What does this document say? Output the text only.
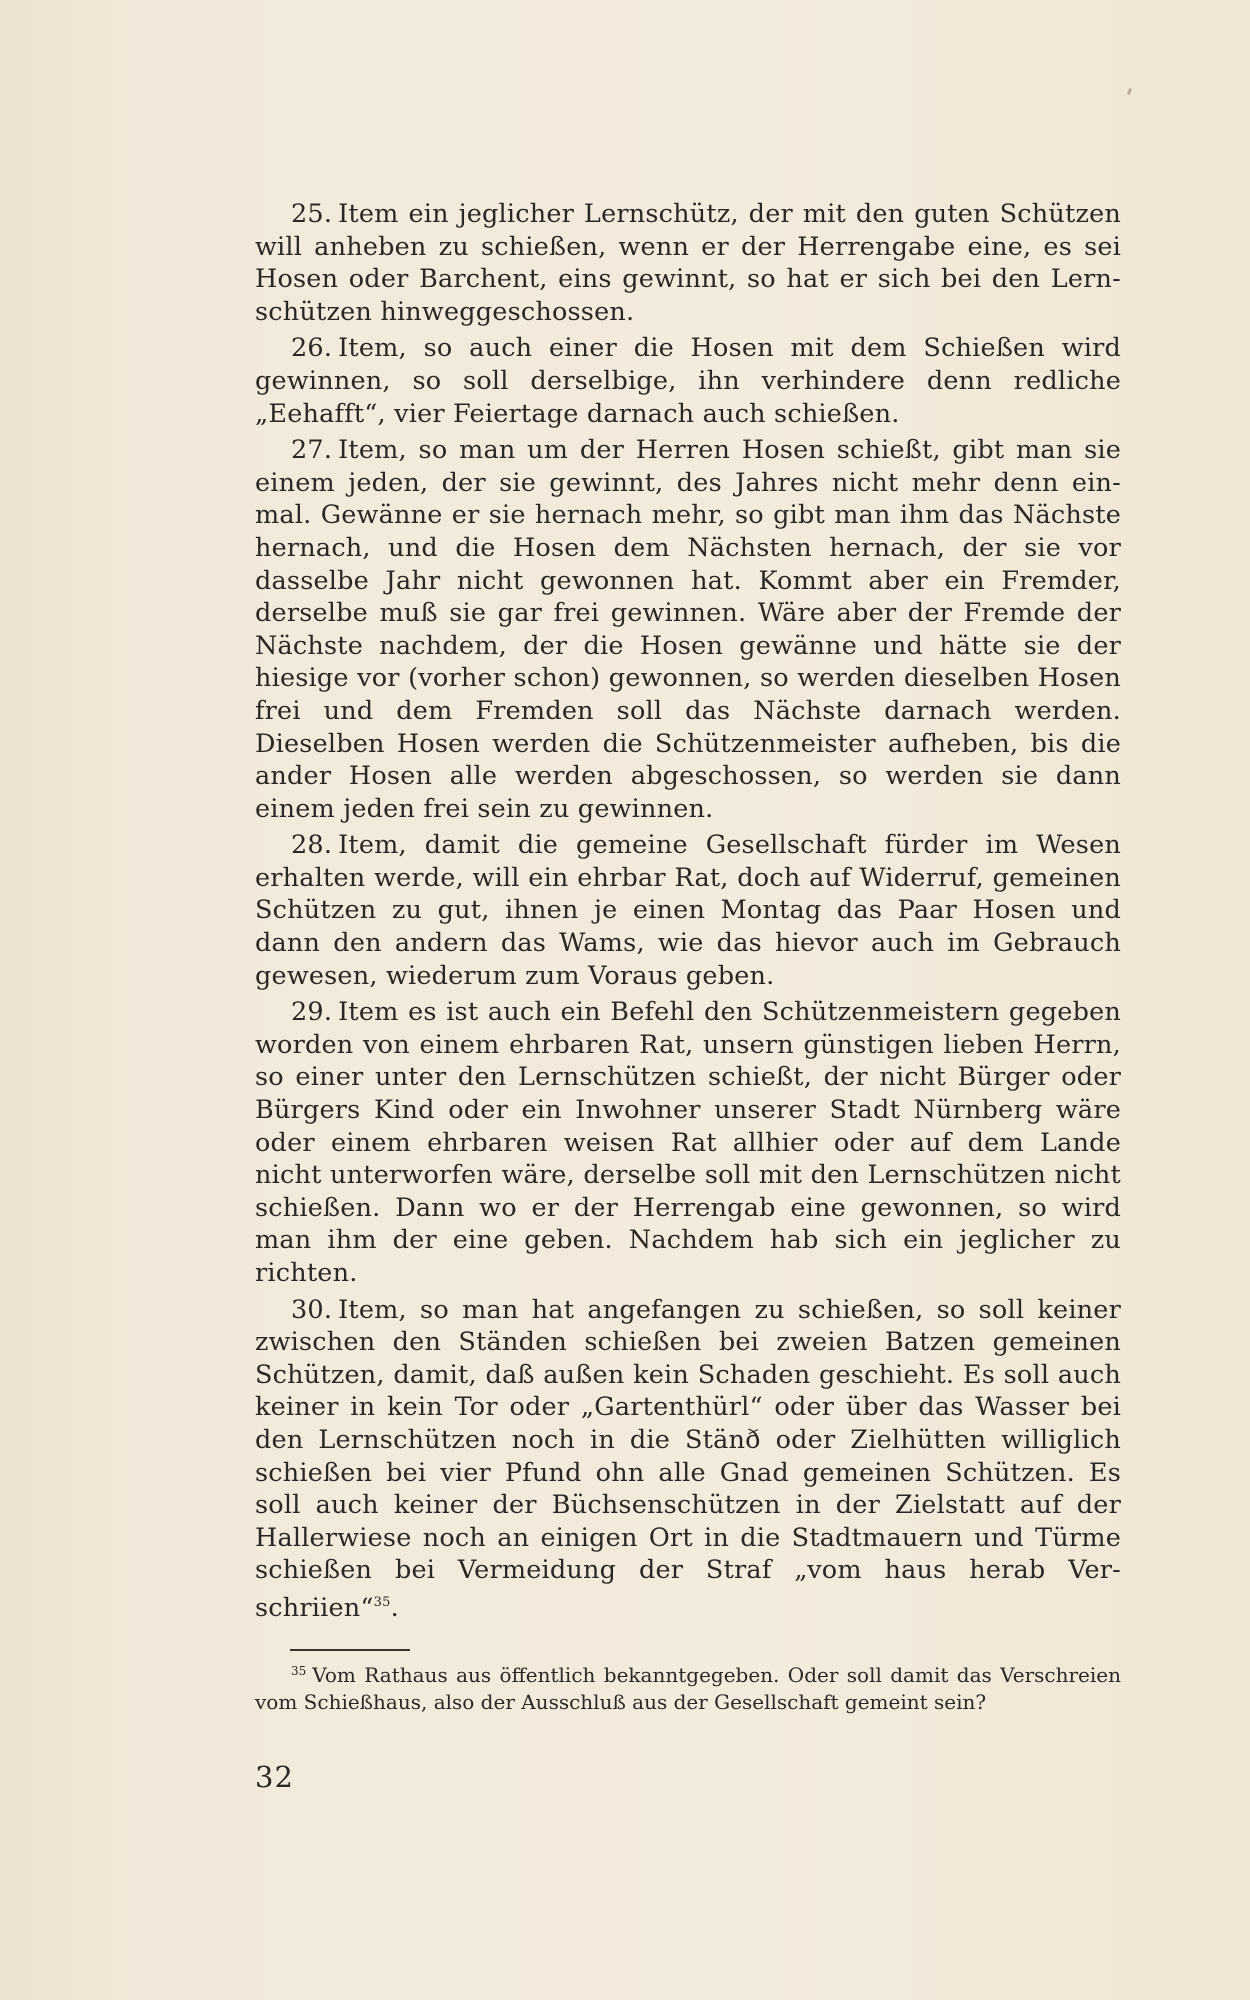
25. Item ein jeglicher Lernschütz, der mit den guten Schützen will anheben zu schießen, wenn er der Herrengabe eine, es sei Hosen oder Barchent, eins gewinnt, so hat er sich bei den Lern-schützen hinweggeschossen.

26. Item, so auch einer die Hosen mit dem Schießen wird gewinnen, so soll derselbige, ihn verhindere denn redliche „Eehafft“, vier Feiertage darnach auch schießen.

27. Item, so man um der Herren Hosen schießt, gibt man sie einem jeden, der sie gewinnt, des Jahres nicht mehr denn ein-mal. Gewänne er sie hernach mehr, so gibt man ihm das Nächste hernach, und die Hosen dem Nächsten hernach, der sie vor dasselbe Jahr nicht gewonnen hat. Kommt aber ein Fremder, derselbe muß sie gar frei gewinnen. Wäre aber der Fremde der Nächste nachdem, der die Hosen gewänne und hätte sie der hiesige vor (vorher schon) gewonnen, so werden dieselben Hosen frei und dem Fremden soll das Nächste darnach werden. Dieselben Hosen werden die Schützenmeister aufheben, bis die ander Hosen alle werden abgeschossen, so werden sie dann einem jeden frei sein zu gewinnen.

28. Item, damit die gemeine Gesellschaft fürder im Wesen erhalten werde, will ein ehrbar Rat, doch auf Widerruf, gemeinen Schützen zu gut, ihnen je einen Montag das Paar Hosen und dann den andern das Wams, wie das hievor auch im Gebrauch gewesen, wiederum zum Voraus geben.

29. Item es ist auch ein Befehl den Schützenmeistern gegeben worden von einem ehrbaren Rat, unsern günstigen lieben Herrn, so einer unter den Lernschützen schießt, der nicht Bürger oder Bürgers Kind oder ein Inwohner unserer Stadt Nürnberg wäre oder einem ehrbaren weisen Rat allhier oder auf dem Lande nicht unterworfen wäre, derselbe soll mit den Lernschützen nicht schießen. Dann wo er der Herrengab eine gewonnen, so wird man ihm der eine geben. Nachdem hab sich ein jeglicher zu richten.

30. Item, so man hat angefangen zu schießen, so soll keiner zwischen den Ständen schießen bei zweien Batzen gemeinen Schützen, damit, daß außen kein Schaden geschieht. Es soll auch keiner in kein Tor oder „Gartenthürl“ oder über das Wasser bei den Lernschützen noch in die Stänð oder Zielhütten williglich schießen bei vier Pfund ohn alle Gnad gemeinen Schützen. Es soll auch keiner der Büchsenschützen in der Zielstatt auf der Hallerwiese noch an einigen Ort in die Stadtmauern und Türme schießen bei Vermeidung der Straf „vom haus herab Ver-schriien“$^{35}$.

$^{35}$ Vom Rathaus aus öffentlich bekanntgegeben. Oder soll damit das Verschreien vom Schießhaus, also der Ausschluß aus der Gesellschaft gemeint sein?

32
